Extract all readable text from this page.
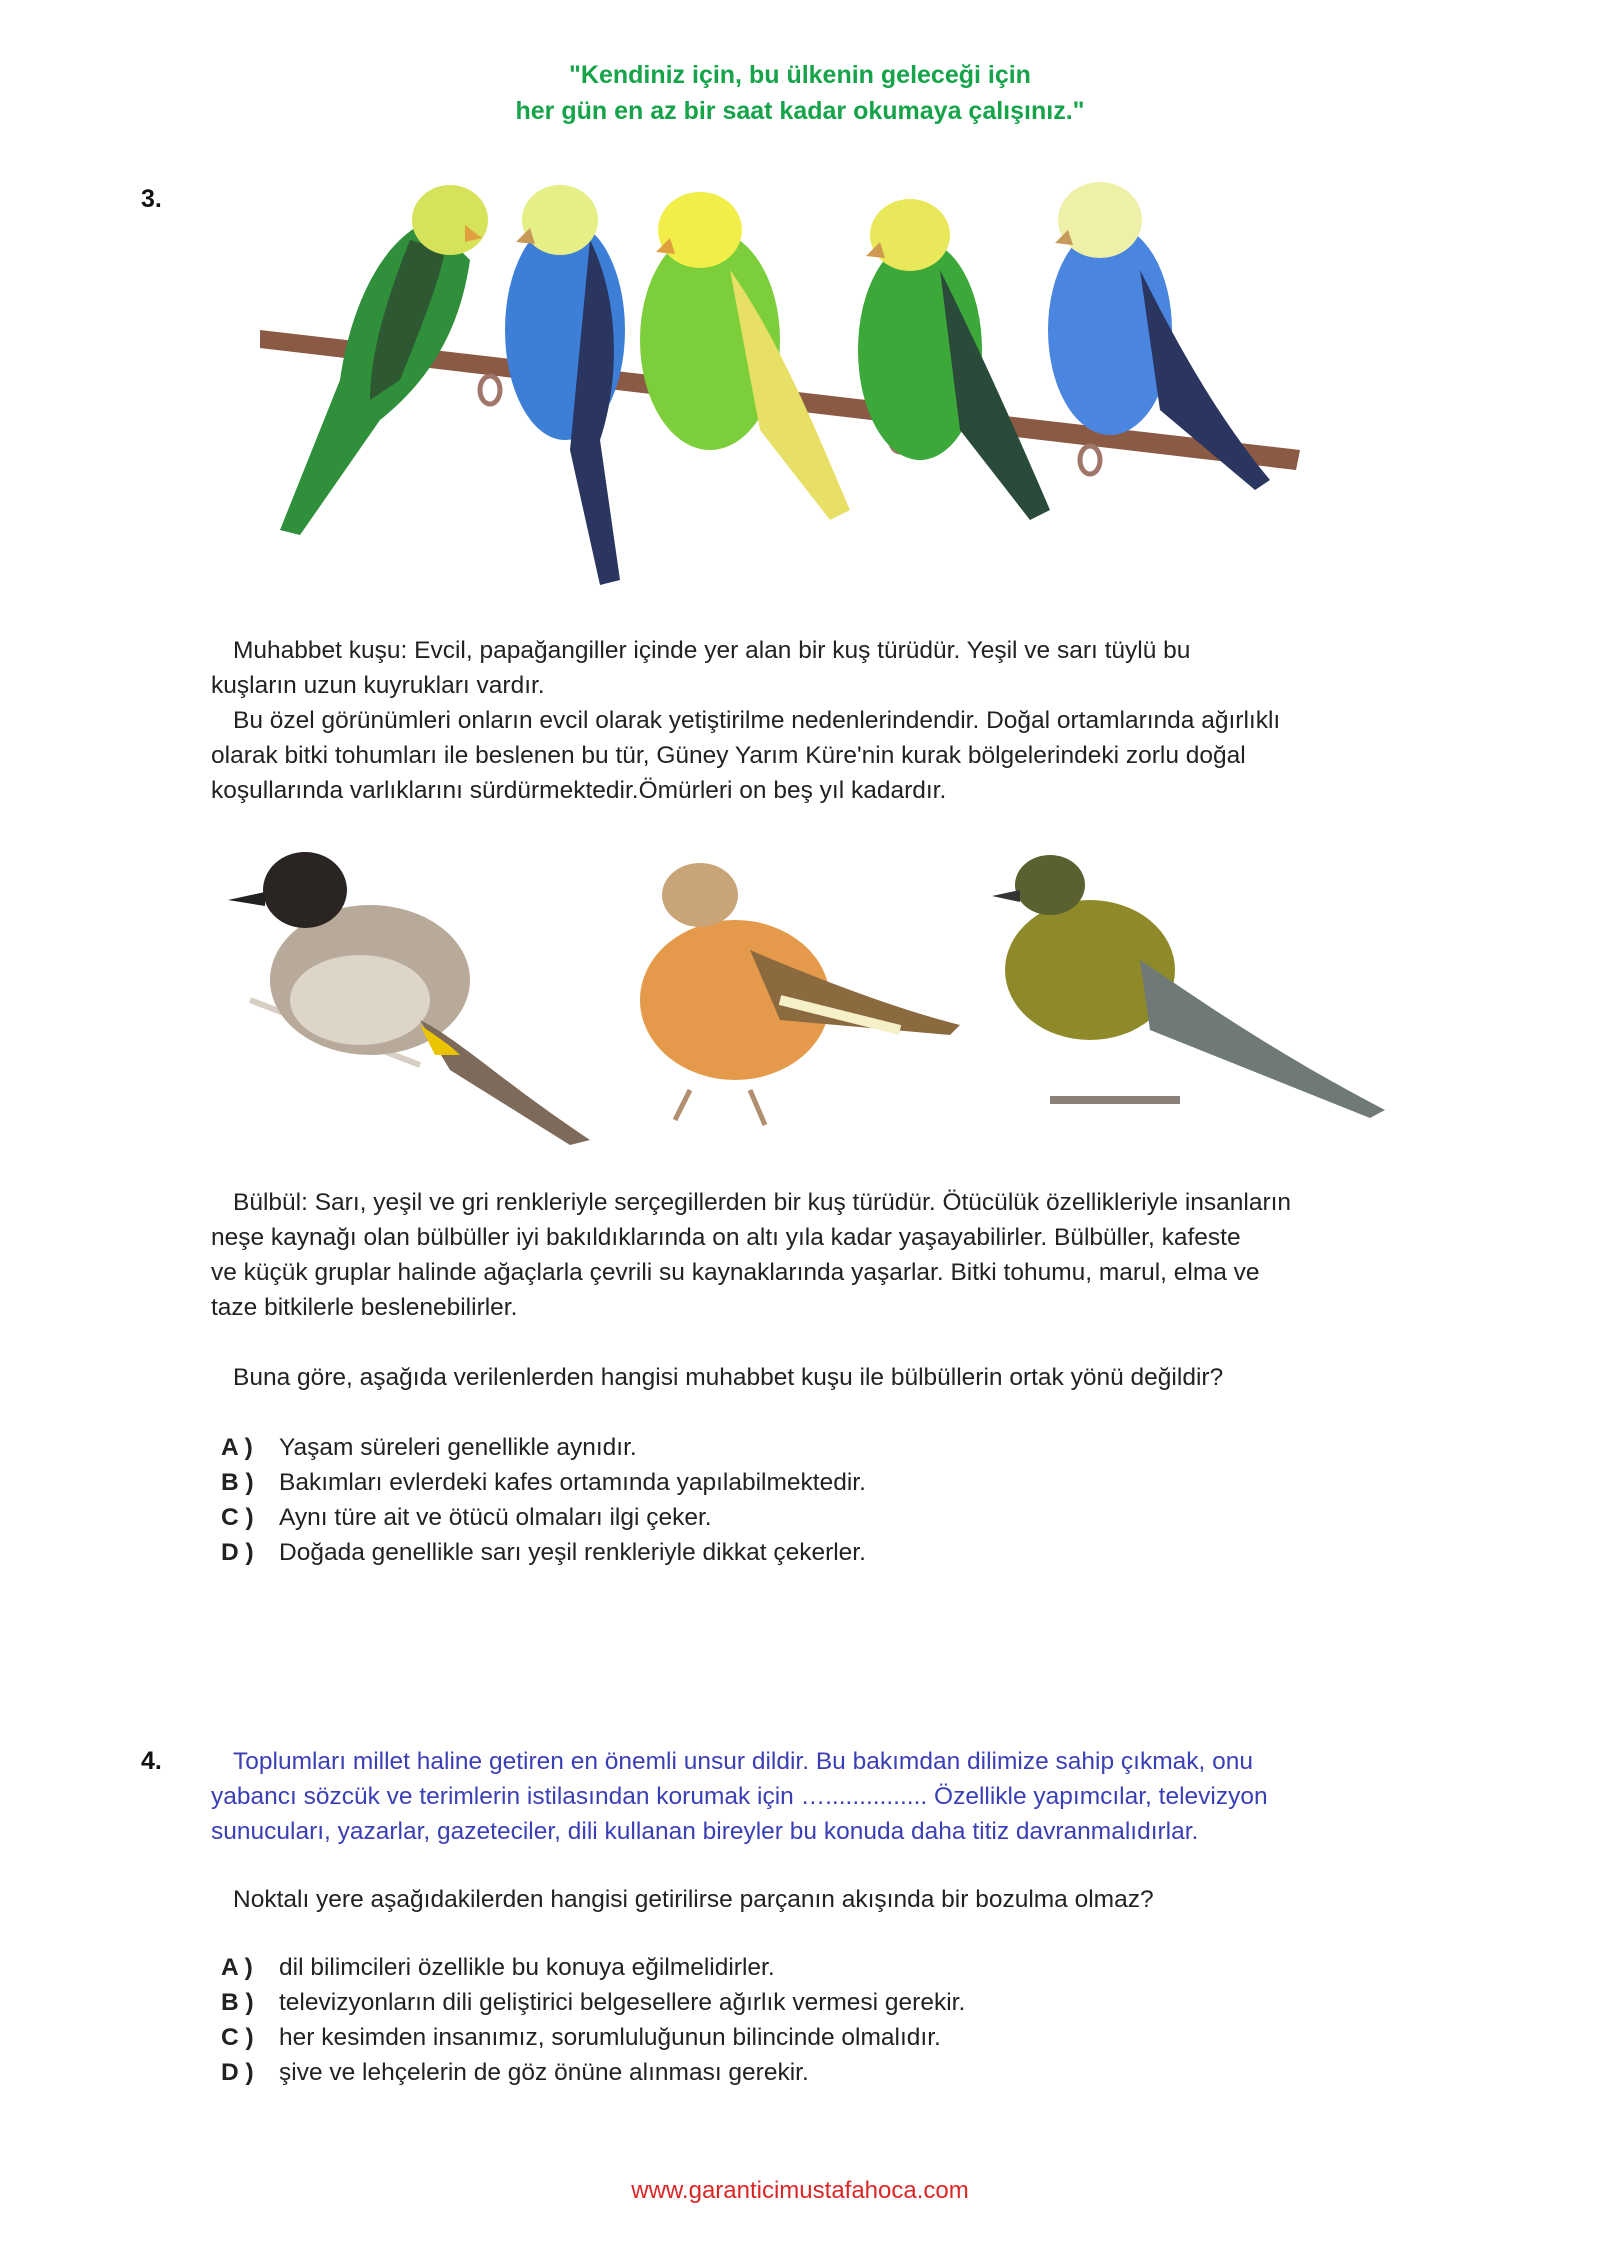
"Kendiniz için, bu ülkenin geleceği için
her gün en az bir saat kadar okumaya çalışınız."
3.
Muhabbet kuşu: Evcil, papağangiller içinde yer alan bir kuş türüdür. Yeşil ve sarı tüylü bu
kuşların uzun kuyrukları vardır.
Bu özel görünümleri onların evcil olarak yetiştirilme nedenlerindendir. Doğal ortamlarında ağırlıklı
olarak bitki tohumları ile beslenen bu tür, Güney Yarım Küre'nin kurak bölgelerindeki zorlu doğal
koşullarında varlıklarını sürdürmektedir.Ömürleri on beş yıl kadardır.
Bülbül: Sarı, yeşil ve gri renkleriyle serçegillerden bir kuş türüdür. Ötücülük özellikleriyle insanların
neşe kaynağı olan bülbüller iyi bakıldıklarında on altı yıla kadar yaşayabilirler. Bülbüller, kafeste
ve küçük gruplar halinde ağaçlarla çevrili su kaynaklarında yaşarlar. Bitki tohumu, marul, elma ve
taze bitkilerle beslenebilirler.
Buna göre, aşağıda verilenlerden hangisi muhabbet kuşu ile bülbüllerin ortak yönü değildir?
A )	Yaşam süreleri genellikle aynıdır.
B )	Bakımları evlerdeki kafes ortamında yapılabilmektedir.
C )	Aynı türe ait ve ötücü olmaları ilgi çeker.
D )	Doğada genellikle sarı yeşil renkleriyle dikkat çekerler.
4.	Toplumları millet haline getiren en önemli unsur dildir. Bu bakımdan dilimize sahip çıkmak, onu
yabancı sözcük ve terimlerin istilasından korumak için …............... Özellikle yapımcılar, televizyon
sunucuları, yazarlar, gazeteciler, dili kullanan bireyler bu konuda daha titiz davranmalıdırlar.
Noktalı yere aşağıdakilerden hangisi getirilirse parçanın akışında bir bozulma olmaz?
A )	dil bilimcileri özellikle bu konuya eğilmelidirler.
B )	televizyonların dili geliştirici belgesellere ağırlık vermesi gerekir.
C )	her kesimden insanımız, sorumluluğunun bilincinde olmalıdır.
D )	şive ve lehçelerin de göz önüne alınması gerekir.
www.garanticimustafahoca.com
